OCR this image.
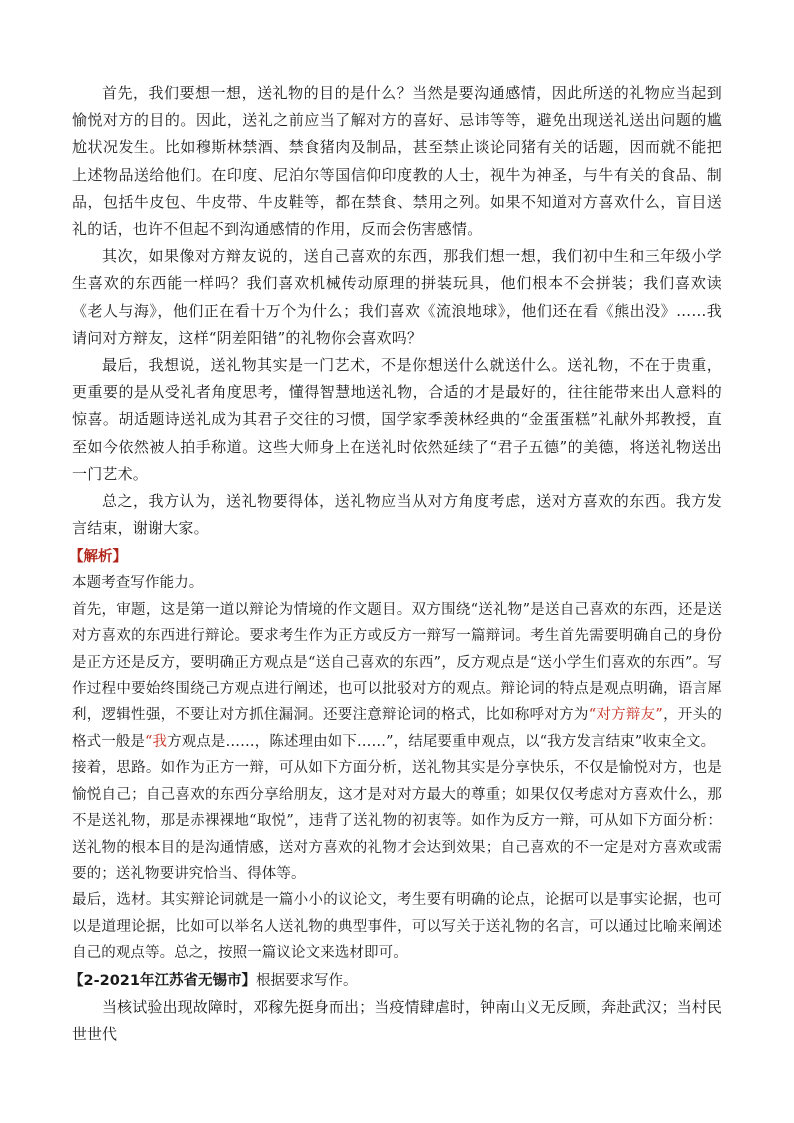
首先，我们要想一想，送礼物的目的是什么？当然是要沟通感情，因此所送的礼物应当起到愉悦对方的目的。因此，送礼之前应当了解对方的喜好、忌讳等等，避免出现送礼送出问题的尴尬状况发生。比如穆斯林禁酒、禁食猪肉及制品，甚至禁止谈论同猪有关的话题，因而就不能把上述物品送给他们。在印度、尼泊尔等国信仰印度教的人士，视牛为神圣，与牛有关的食品、制品，包括牛皮包、牛皮带、牛皮鞋等，都在禁食、禁用之列。如果不知道对方喜欢什么，盲目送礼的话，也许不但起不到沟通感情的作用，反而会伤害感情。

其次，如果像对方辩友说的，送自己喜欢的东西，那我们想一想，我们初中生和三年级小学生喜欢的东西能一样吗？我们喜欢机械传动原理的拼装玩具，他们根本不会拼装；我们喜欢读《老人与海》，他们正在看十万个为什么；我们喜欢《流浪地球》，他们还在看《熊出没》……我请问对方辩友，这样“阴差阳错”的礼物你会喜欢吗？

最后，我想说，送礼物其实是一门艺术，不是你想送什么就送什么。送礼物，不在于贵重，更重要的是从受礼者角度思考，懂得智慧地送礼物，合适的才是最好的，往往能带来出人意料的惊喜。胡适题诗送礼成为其君子交往的习惯，国学家季羡林经典的“金蛋蛋糕”礼献外邦教授，直至如今依然被人拍手称道。这些大师身上在送礼时依然延续了“君子五德”的美德，将送礼物送出一门艺术。

总之，我方认为，送礼物要得体，送礼物应当从对方角度考虑，送对方喜欢的东西。我方发言结束，谢谢大家。

【解析】

本题考查写作能力。

首先，审题，这是第一道以辩论为情境的作文题目。双方围绕“送礼物”是送自己喜欢的东西，还是送对方喜欢的东西进行辩论。要求考生作为正方或反方一辩写一篇辩词。考生首先需要明确自己的身份是正方还是反方，要明确正方观点是“送自己喜欢的东西”，反方观点是“送小学生们喜欢的东西”。写作过程中要始终围绕己方观点进行阐述，也可以批驳对方的观点。辩论词的特点是观点明确，语言犀利，逻辑性强，不要让对方抓住漏洞。还要注意辩论词的格式，比如称呼对方为“对方辩友”，开头的格式一般是“我方观点是……，陈述理由如下……”，结尾要重申观点，以“我方发言结束”收束全文。

接着，思路。如作为正方一辩，可从如下方面分析，送礼物其实是分享快乐，不仅是愉悦对方，也是愉悦自己；自己喜欢的东西分享给朋友，这才是对对方最大的尊重；如果仅仅考虑对方喜欢什么，那不是送礼物，那是赤裸裸地“取悦”，违背了送礼物的初衷等。如作为反方一辩，可从如下方面分析：送礼物的根本目的是沟通情感，送对方喜欢的礼物才会达到效果；自己喜欢的不一定是对方喜欢或需要的；送礼物要讲究恰当、得体等。

最后，选材。其实辩论词就是一篇小小的议论文，考生要有明确的论点，论据可以是事实论据，也可以是道理论据，比如可以举名人送礼物的典型事件，可以写关于送礼物的名言，可以通过比喻来阐述自己的观点等。总之，按照一篇议论文来选材即可。

【2-2021年江苏省无锡市】根据要求写作。

当核试验出现故障时，邓稼先挺身而出；当疫情肆虐时，钟南山义无反顾，奔赴武汉；当村民世世代
